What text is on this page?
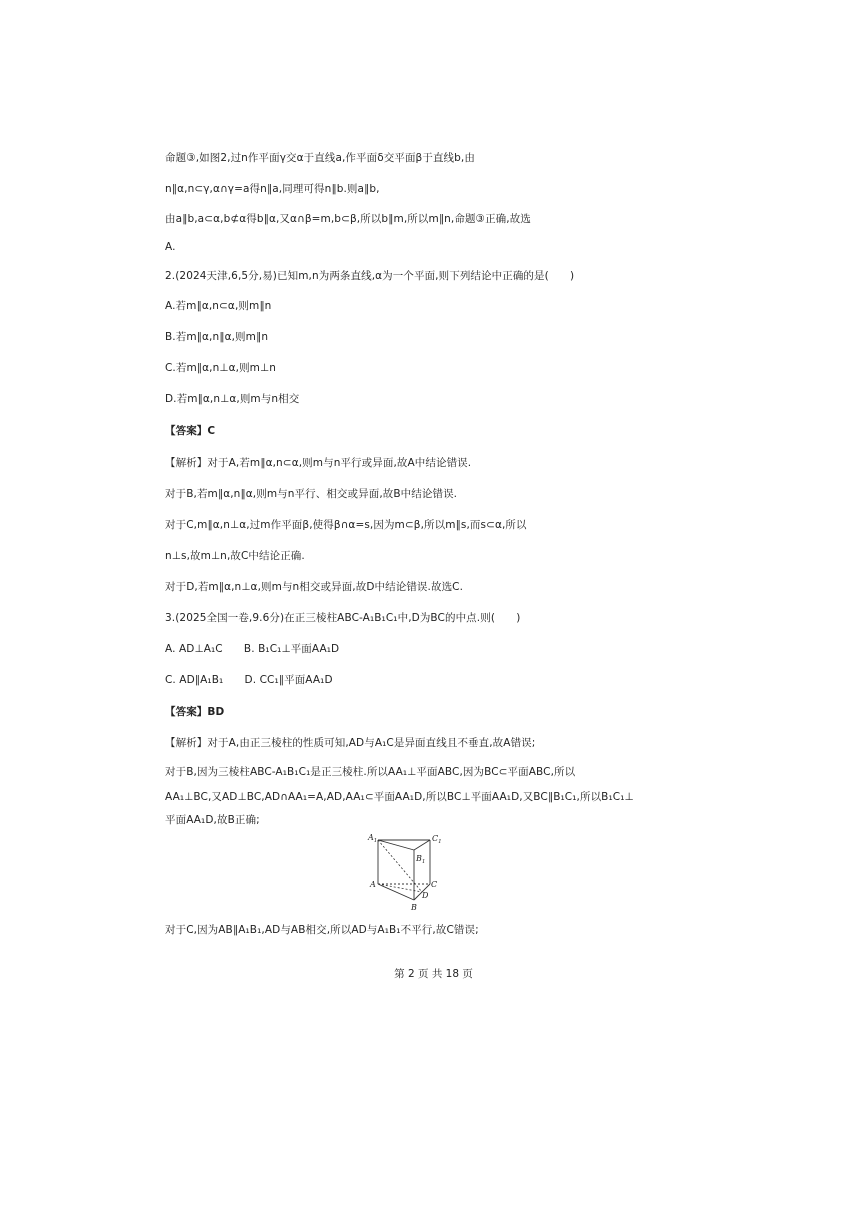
命题③,如图2,过n作平面γ交α于直线a,作平面δ交平面β于直线b,由
n∥α,n⊂γ,α∩γ=a得n∥a,同理可得n∥b.则a∥b,
由a∥b,a⊂α,b⊄α得b∥α,又α∩β=m,b⊂β,所以b∥m,所以m∥n,命题③正确,故选
A.
2.(2024天津,6,5分,易)已知m,n为两条直线,α为一个平面,则下列结论中正确的是(　　)
A.若m∥α,n⊂α,则m∥n
B.若m∥α,n∥α,则m∥n
C.若m∥α,n⊥α,则m⊥n
D.若m∥α,n⊥α,则m与n相交
【答案】C
【解析】对于A,若m∥α,n⊂α,则m与n平行或异面,故A中结论错误.
对于B,若m∥α,n∥α,则m与n平行、相交或异面,故B中结论错误.
对于C,m∥α,n⊥α,过m作平面β,使得β∩α=s,因为m⊂β,所以m∥s,而s⊂α,所以
n⊥s,故m⊥n,故C中结论正确.
对于D,若m∥α,n⊥α,则m与n相交或异面,故D中结论错误.故选C.
3.(2025全国一卷,9.6分)在正三棱柱ABC-A₁B₁C₁中,D为BC的中点.则(　　)
A. AD⊥A₁C　　B. B₁C₁⊥平面AA₁D
C. AD∥A₁B₁　　D. CC₁∥平面AA₁D
【答案】BD
【解析】对于A,由正三棱柱的性质可知,AD与A₁C是异面直线且不垂直,故A错误;
对于B,因为三棱柱ABC-A₁B₁C₁是正三棱柱.所以AA₁⊥平面ABC,因为BC⊂平面ABC,所以
AA₁⊥BC,又AD⊥BC,AD∩AA₁=A,AD,AA₁⊂平面AA₁D,所以BC⊥平面AA₁D,又BC∥B₁C₁,所以B₁C₁⊥
平面AA₁D,故B正确;
$A_1$	$C_1$
$B_1$
A	C
D
B
对于C,因为AB∥A₁B₁,AD与AB相交,所以AD与A₁B₁不平行,故C错误;
第 2 页 共 18 页
